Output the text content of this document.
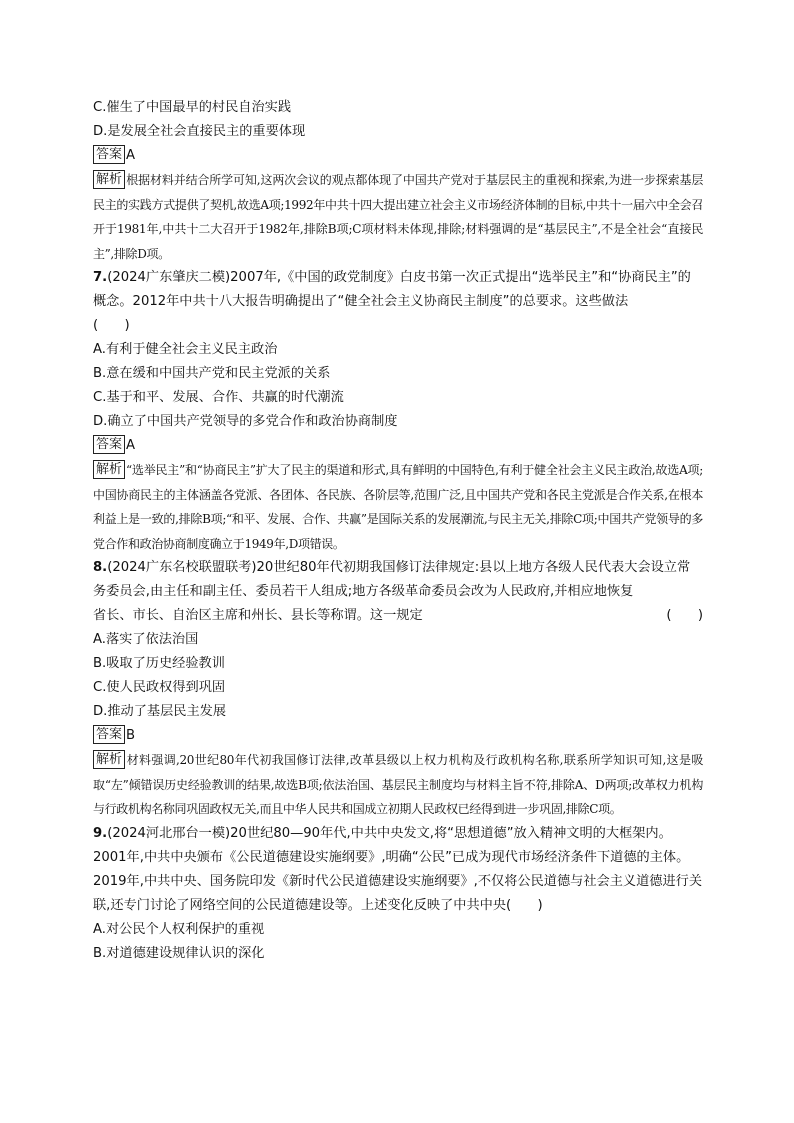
C.催生了中国最早的村民自治实践
D.是发展全社会直接民主的重要体现
答案 A
解析 根据材料并结合所学可知,这两次会议的观点都体现了中国共产党对于基层民主的重视和探索,为进一步探索基层民主的实践方式提供了契机,故选A项;1992年中共十四大提出建立社会主义市场经济体制的目标,中共十一届六中全会召开于1981年,中共十二大召开于1982年,排除B项;C项材料未体现,排除;材料强调的是“基层民主”,不是全社会“直接民主”,排除D项。
7.(2024广东肇庆二模)2007年,《中国的政党制度》白皮书第一次正式提出“选举民主”和“协商民主”的概念。2012年中共十八大报告明确提出了“健全社会主义协商民主制度”的总要求。这些做法
(　　)
A.有利于健全社会主义民主政治
B.意在缓和中国共产党和民主党派的关系
C.基于和平、发展、合作、共赢的时代潮流
D.确立了中国共产党领导的多党合作和政治协商制度
答案 A
解析 “选举民主”和“协商民主”扩大了民主的渠道和形式,具有鲜明的中国特色,有利于健全社会主义民主政治,故选A项;中国协商民主的主体涵盖各党派、各团体、各民族、各阶层等,范围广泛,且中国共产党和各民主党派是合作关系,在根本利益上是一致的,排除B项;“和平、发展、合作、共赢”是国际关系的发展潮流,与民主无关,排除C项;中国共产党领导的多党合作和政治协商制度确立于1949年,D项错误。
8.(2024广东名校联盟联考)20世纪80年代初期我国修订法律规定:县以上地方各级人民代表大会设立常务委员会,由主任和副主任、委员若干人组成;地方各级革命委员会改为人民政府,并相应地恢复
省长、市长、自治区主席和州长、县长等称谓。这一规定	(　　)
A.落实了依法治国
B.吸取了历史经验教训
C.使人民政权得到巩固
D.推动了基层民主发展
答案 B
解析 材料强调,20世纪80年代初我国修订法律,改革县级以上权力机构及行政机构名称,联系所学知识可知,这是吸取“左”倾错误历史经验教训的结果,故选B项;依法治国、基层民主制度均与材料主旨不符,排除A、D两项;改革权力机构与行政机构名称同巩固政权无关,而且中华人民共和国成立初期人民政权已经得到进一步巩固,排除C项。
9.(2024河北邢台一模)20世纪80—90年代,中共中央发文,将“思想道德”放入精神文明的大框架内。2001年,中共中央颁布《公民道德建设实施纲要》,明确“公民”已成为现代市场经济条件下道德的主体。2019年,中共中央、国务院印发《新时代公民道德建设实施纲要》,不仅将公民道德与社会主义道德进行关联,还专门讨论了网络空间的公民道德建设等。上述变化反映了中共中央(　　)
A.对公民个人权利保护的重视
B.对道德建设规律认识的深化
